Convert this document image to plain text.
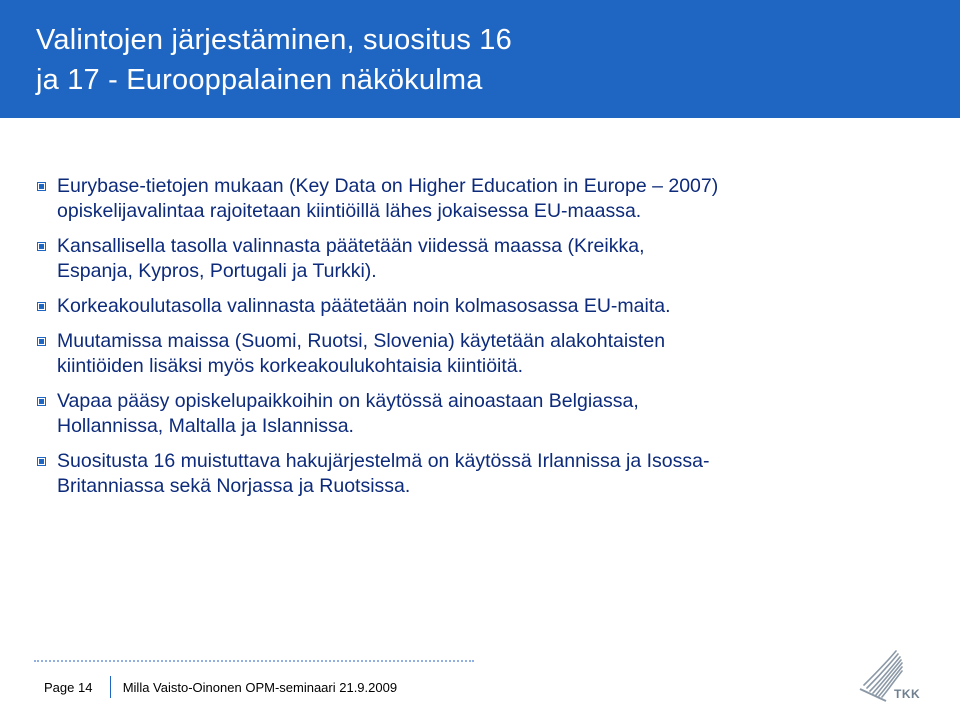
Valintojen järjestäminen, suositus 16
ja 17 - Eurooppalainen näkökulma
Eurybase-tietojen mukaan (Key Data on Higher Education in Europe – 2007)
opiskelijavalintaa rajoitetaan kiintiöillä lähes jokaisessa EU-maassa.
Kansallisella tasolla valinnasta päätetään viidessä maassa (Kreikka,
Espanja, Kypros, Portugali ja Turkki).
Korkeakoulutasolla valinnasta päätetään noin kolmasosassa EU-maita.
Muutamissa maissa (Suomi, Ruotsi, Slovenia) käytetään alakohtaisten
kiintiöiden lisäksi myös korkeakoulukohtaisia kiintiöitä.
Vapaa pääsy opiskelupaikkoihin on käytössä ainoastaan Belgiassa,
Hollannissa, Maltalla ja Islannissa.
Suositusta 16 muistuttava hakujärjestelmä on käytössä Irlannissa ja Isossa-
Britanniassa sekä Norjassa ja Ruotsissa.
Page 14 Milla Vaisto-Oinonen OPM-seminaari 21.9.2009	TKK
